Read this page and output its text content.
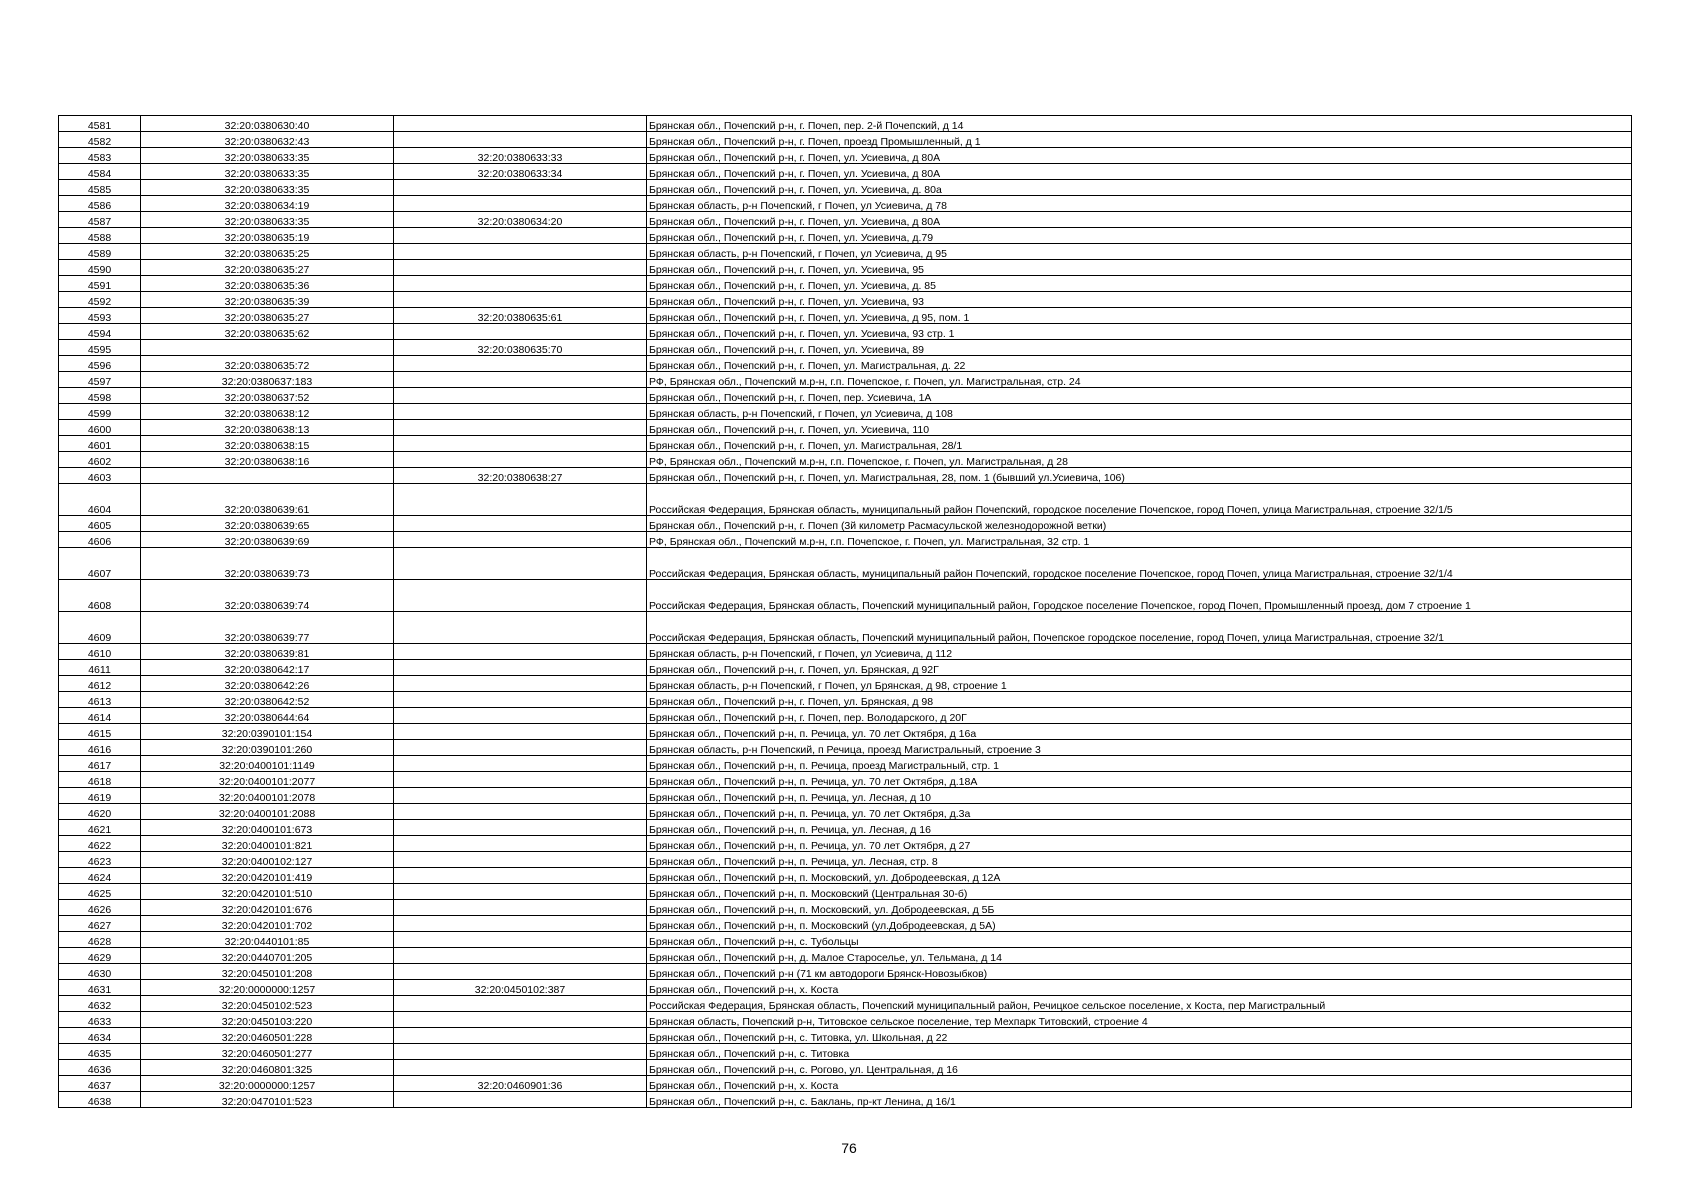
4581	32:20:0380630:40		Брянская обл., Почепский р-н, г. Почеп, пер. 2-й Почепский, д 14
4582	32:20:0380632:43		Брянская обл., Почепский р-н, г. Почеп, проезд Промышленный, д 1
4583	32:20:0380633:35	32:20:0380633:33	Брянская обл., Почепский р-н, г. Почеп, ул. Усиевича, д 80А
4584	32:20:0380633:35	32:20:0380633:34	Брянская обл., Почепский р-н, г. Почеп, ул. Усиевича, д 80А
4585	32:20:0380633:35		Брянская обл., Почепский р-н, г. Почеп, ул. Усиевича, д. 80а
4586	32:20:0380634:19		Брянская область, р-н Почепский, г Почеп, ул Усиевича, д 78
4587	32:20:0380633:35	32:20:0380634:20	Брянская обл., Почепский р-н, г. Почеп, ул. Усиевича, д 80А
4588	32:20:0380635:19		Брянская обл., Почепский р-н, г. Почеп, ул. Усиевича, д.79
4589	32:20:0380635:25		Брянская область, р-н Почепский, г Почеп, ул Усиевича, д 95
4590	32:20:0380635:27		Брянская обл., Почепский р-н, г. Почеп, ул. Усиевича, 95
4591	32:20:0380635:36		Брянская обл., Почепский р-н, г. Почеп, ул. Усиевича, д. 85
4592	32:20:0380635:39		Брянская обл., Почепский р-н, г. Почеп, ул. Усиевича, 93
4593	32:20:0380635:27	32:20:0380635:61	Брянская обл., Почепский р-н, г. Почеп, ул. Усиевича, д 95, пом. 1
4594	32:20:0380635:62		Брянская обл., Почепский р-н, г. Почеп, ул. Усиевича, 93 стр. 1
4595		32:20:0380635:70	Брянская обл., Почепский р-н, г. Почеп, ул. Усиевича, 89
4596	32:20:0380635:72		Брянская обл., Почепский р-н, г. Почеп, ул. Магистральная, д. 22
4597	32:20:0380637:183		РФ, Брянская обл., Почепский м.р-н, г.п. Почепское, г. Почеп, ул. Магистральная, стр. 24
4598	32:20:0380637:52		Брянская обл., Почепский р-н, г. Почеп, пер. Усиевича, 1А
4599	32:20:0380638:12		Брянская область, р-н Почепский, г Почеп, ул Усиевича, д 108
4600	32:20:0380638:13		Брянская обл., Почепский р-н, г. Почеп, ул. Усиевича, 110
4601	32:20:0380638:15		Брянская обл., Почепский р-н, г. Почеп, ул. Магистральная, 28/1
4602	32:20:0380638:16		РФ, Брянская обл., Почепский м.р-н, г.п. Почепское, г. Почеп, ул. Магистральная, д 28
4603		32:20:0380638:27	Брянская обл., Почепский р-н, г. Почеп, ул. Магистральная, 28, пом. 1 (бывший ул.Усиевича, 106)
4604	32:20:0380639:61		Российская Федерация, Брянская область, муниципальный район Почепский, городское поселение Почепское, город Почеп, улица Магистральная, строение 32/1/5
4605	32:20:0380639:65		Брянская обл., Почепский р-н, г. Почеп (3й километр Расмасульской железнодорожной ветки)
4606	32:20:0380639:69		РФ, Брянская обл., Почепский м.р-н, г.п. Почепское, г. Почеп, ул. Магистральная, 32 стр. 1
4607	32:20:0380639:73		Российская Федерация, Брянская область, муниципальный район Почепский, городское поселение Почепское, город Почеп, улица Магистральная, строение 32/1/4
4608	32:20:0380639:74		Российская Федерация, Брянская область, Почепский муниципальный район, Городское поселение Почепское, город Почеп, Промышленный проезд, дом 7 строение 1
4609	32:20:0380639:77		Российская Федерация, Брянская область, Почепский муниципальный район, Почепское городское поселение, город Почеп, улица Магистральная, строение 32/1
4610	32:20:0380639:81		Брянская область, р-н Почепский, г Почеп, ул Усиевича, д 112
4611	32:20:0380642:17		Брянская обл., Почепский р-н, г. Почеп, ул. Брянская, д 92Г
4612	32:20:0380642:26		Брянская область, р-н Почепский, г Почеп, ул Брянская, д 98, строение 1
4613	32:20:0380642:52		Брянская обл., Почепский р-н, г. Почеп, ул. Брянская, д 98
4614	32:20:0380644:64		Брянская обл., Почепский р-н, г. Почеп, пер. Володарского, д 20Г
4615	32:20:0390101:154		Брянская обл., Почепский р-н, п. Речица, ул. 70 лет Октября, д 16а
4616	32:20:0390101:260		Брянская область, р-н Почепский, п Речица, проезд Магистральный, строение 3
4617	32:20:0400101:1149		Брянская обл., Почепский р-н, п. Речица, проезд Магистральный, стр. 1
4618	32:20:0400101:2077		Брянская обл., Почепский р-н, п. Речица, ул. 70 лет Октября, д.18А
4619	32:20:0400101:2078		Брянская обл., Почепский р-н, п. Речица, ул. Лесная, д 10
4620	32:20:0400101:2088		Брянская обл., Почепский р-н, п. Речица, ул. 70 лет Октября, д.3а
4621	32:20:0400101:673		Брянская обл., Почепский р-н, п. Речица, ул. Лесная, д 16
4622	32:20:0400101:821		Брянская обл., Почепский р-н, п. Речица, ул. 70 лет Октября, д 27
4623	32:20:0400102:127		Брянская обл., Почепский р-н, п. Речица, ул. Лесная, стр. 8
4624	32:20:0420101:419		Брянская обл., Почепский р-н, п. Московский, ул. Добродеевская, д 12А
4625	32:20:0420101:510		Брянская обл., Почепский р-н, п. Московский (Центральная 30-б)
4626	32:20:0420101:676		Брянская обл., Почепский р-н, п. Московский, ул. Добродеевская, д 5Б
4627	32:20:0420101:702		Брянская обл., Почепский р-н, п. Московский (ул.Добродеевская, д 5А)
4628	32:20:0440101:85		Брянская обл., Почепский р-н, с. Тубольцы
4629	32:20:0440701:205		Брянская обл., Почепский р-н, д. Малое Староселье, ул. Тельмана, д 14
4630	32:20:0450101:208		Брянская обл., Почепский р-н (71 км автодороги Брянск-Новозыбков)
4631	32:20:0000000:1257	32:20:0450102:387	Брянская обл., Почепский р-н, х. Коста
4632	32:20:0450102:523		Российская Федерация, Брянская область, Почепский муниципальный район, Речицкое сельское поселение, х Коста, пер Магистральный
4633	32:20:0450103:220		Брянская область, Почепский р-н, Титовское сельское поселение, тер Мехпарк Титовский, строение 4
4634	32:20:0460501:228		Брянская обл., Почепский р-н, с. Титовка, ул. Школьная, д 22
4635	32:20:0460501:277		Брянская обл., Почепский р-н, с. Титовка
4636	32:20:0460801:325		Брянская обл., Почепский р-н, с. Рогово, ул. Центральная, д 16
4637	32:20:0000000:1257	32:20:0460901:36	Брянская обл., Почепский р-н, х. Коста
4638	32:20:0470101:523		Брянская обл., Почепский р-н, с. Баклань, пр-кт Ленина, д 16/1
76
